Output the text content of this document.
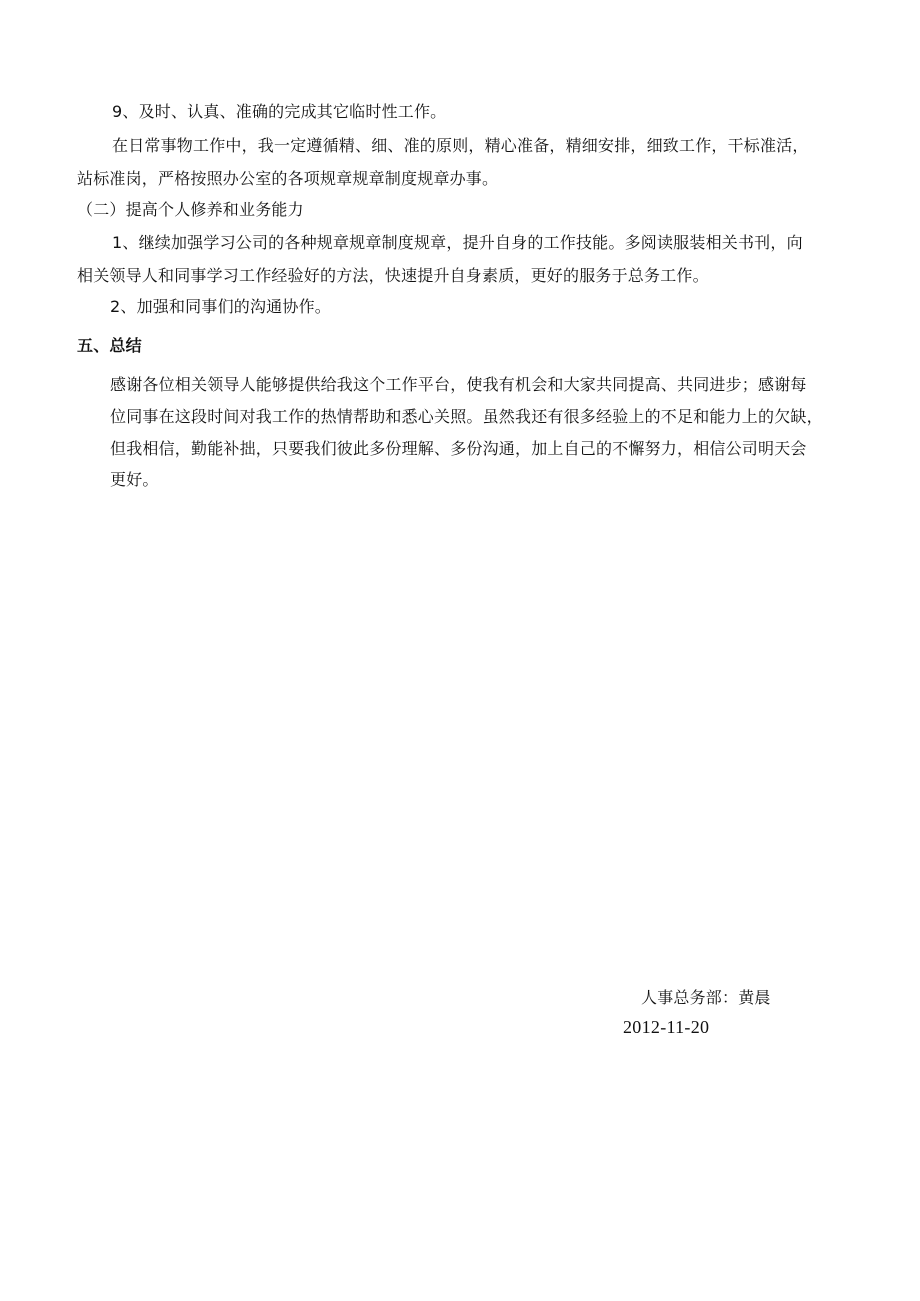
9、及时、认真、准确的完成其它临时性工作。
在日常事物工作中，我一定遵循精、细、准的原则，精心准备，精细安排，细致工作，干标准活，
站标准岗，严格按照办公室的各项规章规章制度规章办事。
（二）提高个人修养和业务能力
1、继续加强学习公司的各种规章规章制度规章，提升自身的工作技能。多阅读服装相关书刊，向
相关领导人和同事学习工作经验好的方法，快速提升自身素质，更好的服务于总务工作。
2、加强和同事们的沟通协作。
五、总结
感谢各位相关领导人能够提供给我这个工作平台，使我有机会和大家共同提高、共同进步；感谢每
位同事在这段时间对我工作的热情帮助和悉心关照。虽然我还有很多经验上的不足和能力上的欠缺，
但我相信，勤能补拙，只要我们彼此多份理解、多份沟通，加上自己的不懈努力，相信公司明天会
更好。
人事总务部：黄晨
2012-11-20
